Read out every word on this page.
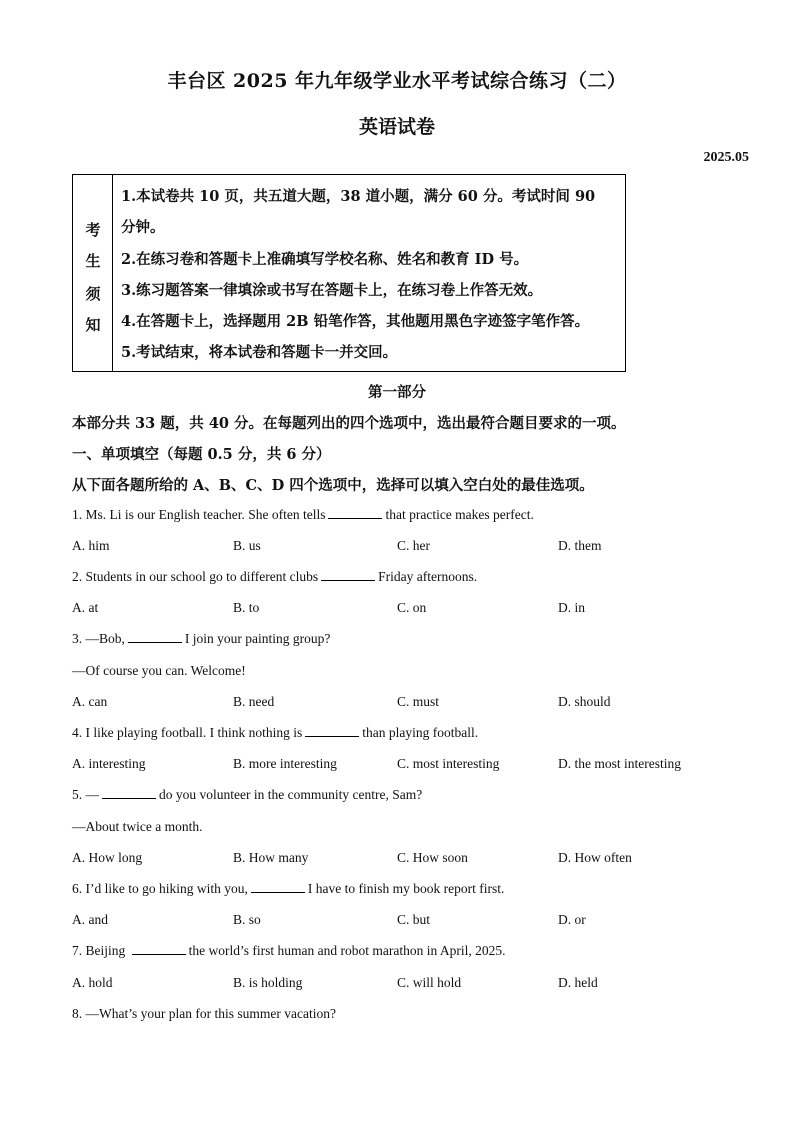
丰台区 2025 年九年级学业水平考试综合练习（二）
英语试卷
2025.05
考
生
须
知
1.本试卷共 10 页，共五道大题，38 道小题，满分 60 分。考试时间 90
分钟。
2.在练习卷和答题卡上准确填写学校名称、姓名和教育 ID 号。
3.练习题答案一律填涂或书写在答题卡上，在练习卷上作答无效。
4.在答题卡上，选择题用 2B 铅笔作答，其他题用黑色字迹签字笔作答。
5.考试结束，将本试卷和答题卡一并交回。
第一部分
本部分共 33 题，共 40 分。在每题列出的四个选项中，选出最符合题目要求的一项。
一、单项填空（每题 0.5 分，共 6 分）
从下面各题所给的 A、B、C、D 四个选项中，选择可以填入空白处的最佳选项。
1. Ms. Li is our English teacher. She often tells	that practice makes perfect.
A. him	B. us	C. her	D. them
2. Students in our school go to different clubs	Friday afternoons.
A. at	B. to	C. on	D. in
3. —Bob,	I join your painting group?
—Of course you can. Welcome!
A. can	B. need	C. must	D. should
4. I like playing football. I think nothing is	than playing football.
A. interesting	B. more interesting	C. most interesting	D. the most interesting
5. —	do you volunteer in the community centre, Sam?
—About twice a month.
A. How long	B. How many	C. How soon	D. How often
6. I’d like to go hiking with you,	I have to finish my book report first.
A. and	B. so	C. but	D. or
7. Beijing	the world’s first human and robot marathon in April, 2025.
A. hold	B. is holding	C. will hold	D. held
8. —What’s your plan for this summer vacation?
